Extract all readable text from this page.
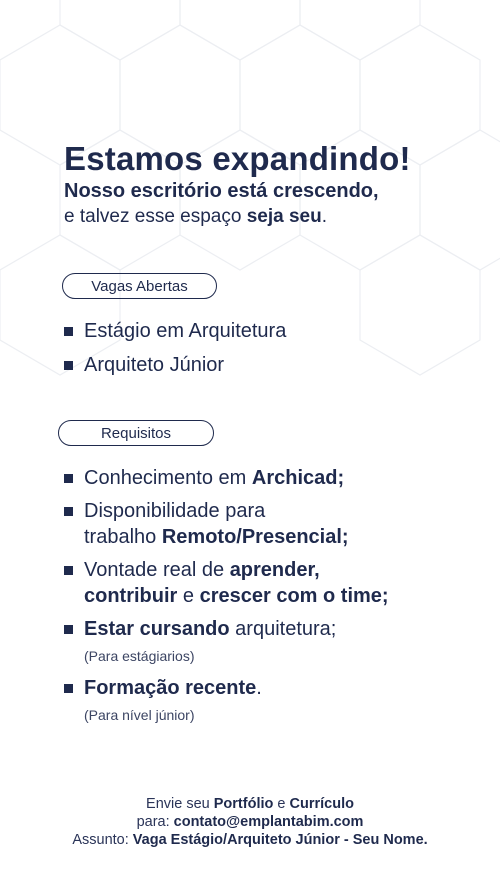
Estamos expandindo!
Nosso escritório está crescendo,
e talvez esse espaço seja seu.
Vagas Abertas
Estágio em Arquitetura
Arquiteto Júnior
Requisitos
Conhecimento em Archicad;
Disponibilidade para
trabalho Remoto/Presencial;
Vontade real de aprender,
contribuir e crescer com o time;
Estar cursando arquitetura;
(Para estágiarios)
Formação recente.
(Para nível júnior)
Envie seu Portfólio e Currículo
para: contato@emplantabim.com
Assunto: Vaga Estágio/Arquiteto Júnior - Seu Nome.
